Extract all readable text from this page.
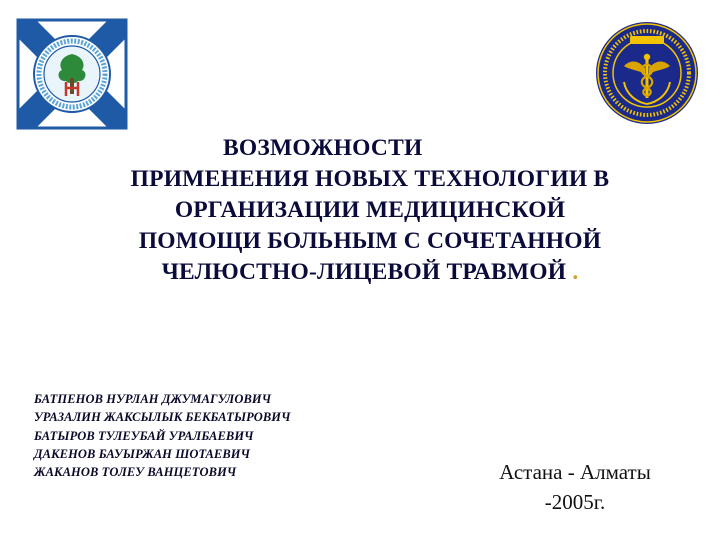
ВОЗМОЖНОСТИ
ПРИМЕНЕНИЯ НОВЫХ ТЕХНОЛОГИИ В
ОРГАНИЗАЦИИ МЕДИЦИНСКОЙ
ПОМОЩИ БОЛЬНЫМ С СОЧЕТАННОЙ
ЧЕЛЮСТНО-ЛИЦЕВОЙ ТРАВМОЙ .
БАТПЕНОВ НУРЛАН ДЖУМАГУЛОВИЧ
УРАЗАЛИН ЖАКСЫЛЫК БЕКБАТЫРОВИЧ
БАТЫРОВ ТУЛЕУБАЙ УРАЛБАЕВИЧ
ДАКЕНОВ БАУЫРЖАН ШОТАЕВИЧ
ЖАКАНОВ ТОЛЕУ ВАНЦЕТОВИЧ	Астана - Алматы
-2005г.
